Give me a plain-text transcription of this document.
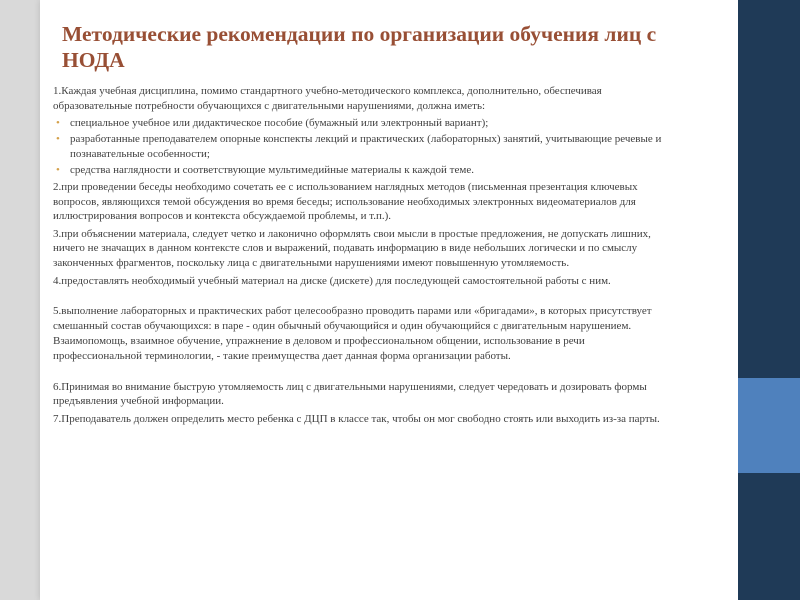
Методические рекомендации по организации обучения лиц с НОДА

1.Каждая учебная дисциплина, помимо стандартного учебно-методического комплекса, дополнительно, обеспечивая образовательные потребности обучающихся с двигательными нарушениями, должна иметь:

• специальное учебное или дидактическое пособие (бумажный или электронный вариант);
• разработанные преподавателем опорные конспекты лекций и практических (лабораторных) занятий, учитывающие речевые и познавательные особенности;
• средства наглядности и соответствующие мультимедийные материалы к каждой теме.

2.при проведении беседы необходимо сочетать ее с использованием наглядных методов (письменная презентация ключевых вопросов, являющихся темой обсуждения во время беседы; использование необходимых электронных видеоматериалов для иллюстрирования вопросов и контекста обсуждаемой проблемы, и т.п.).

3.при объяснении материала, следует четко и лаконично оформлять свои мысли в простые предложения, не допускать лишних, ничего не значащих в данном контексте слов и выражений, подавать информацию в виде небольших логически и по смыслу законченных фрагментов, поскольку лица с двигательными нарушениями имеют повышенную утомляемость.

4.предоставлять необходимый учебный материал на диске (дискете) для последующей самостоятельной работы с ним.

5.выполнение лабораторных и практических работ целесообразно проводить парами или «бригадами», в которых присутствует смешанный состав обучающихся: в паре - один обычный обучающийся и один обучающийся с двигательным нарушением. Взаимопомощь, взаимное обучение, упражнение в деловом и профессиональном общении, использование в речи профессиональной терминологии, - такие преимущества дает данная форма организации работы.

6.Принимая во внимание быструю утомляемость лиц с двигательными нарушениями, следует чередовать и дозировать формы предъявления учебной информации.

7.Преподаватель должен определить место ребенка с ДЦП в классе так, чтобы он мог свободно стоять или выходить из-за парты.
